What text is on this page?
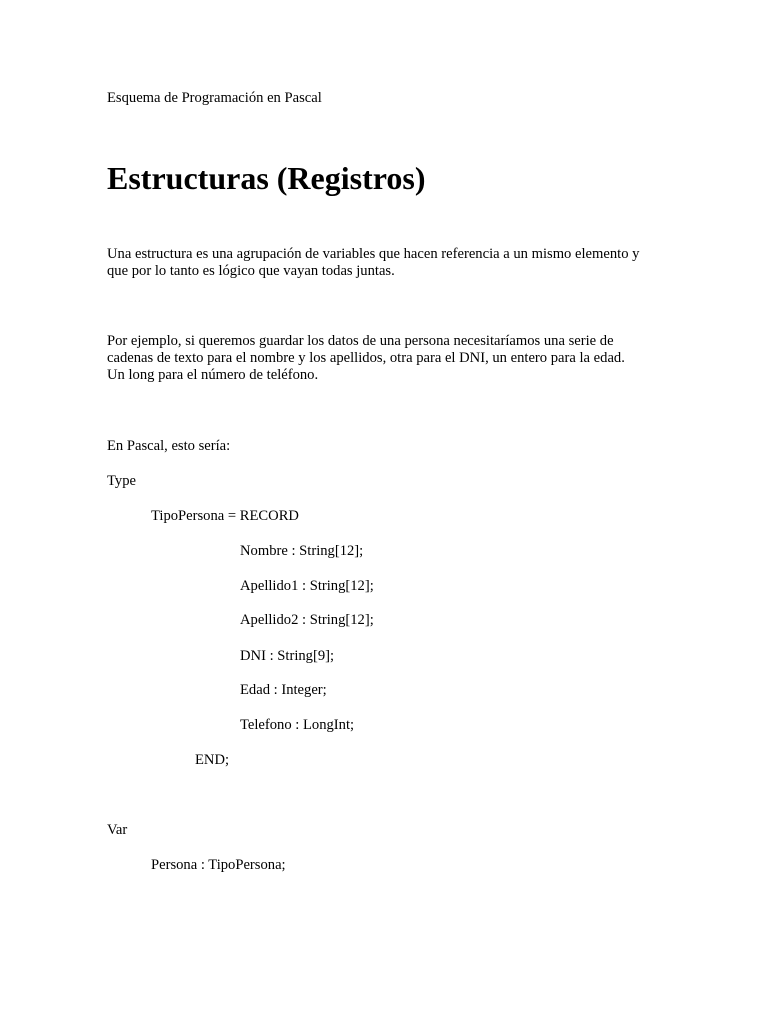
Esquema de Programación en Pascal
Estructuras (Registros)
Una estructura es una agrupación de variables que hacen referencia a un mismo elemento y
que por lo tanto es lógico que vayan todas juntas.
Por ejemplo, si queremos guardar los datos de una persona necesitaríamos una serie de
cadenas de texto para el nombre y los apellidos, otra para el DNI, un entero para la edad.
Un long para el número de teléfono.
En Pascal, esto sería:
Type
TipoPersona = RECORD
Nombre : String[12];
Apellido1 : String[12];
Apellido2 : String[12];
DNI : String[9];
Edad : Integer;
Telefono : LongInt;
END;
Var
Persona : TipoPersona;
